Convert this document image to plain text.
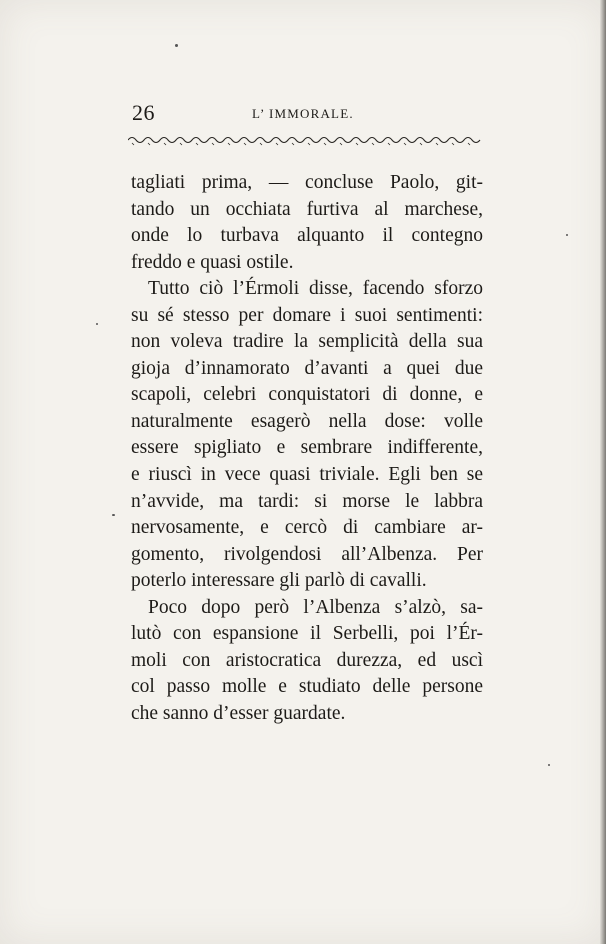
26	L’ IMMORALE.
tagliati prima, — concluse Paolo, git-
tando un occhiata furtiva al marchese,
onde lo turbava alquanto il contegno
freddo e quasi ostile.
Tutto ciò l’Érmoli disse, facendo sforzo
su sé stesso per domare i suoi sentimenti:
non voleva tradire la semplicità della sua
gioja d’innamorato d’avanti a quei due
scapoli, celebri conquistatori di donne, e
naturalmente esagerò nella dose: volle
essere spigliato e sembrare indifferente,
e riuscì in vece quasi triviale. Egli ben se
n’avvide, ma tardi: si morse le labbra
nervosamente, e cercò di cambiare ar-
gomento, rivolgendosi all’Albenza. Per
poterlo interessare gli parlò di cavalli.
Poco dopo però l’Albenza s’alzò, sa-
lutò con espansione il Serbelli, poi l’Ér-
moli con aristocratica durezza, ed uscì
col passo molle e studiato delle persone
che sanno d’esser guardate.
